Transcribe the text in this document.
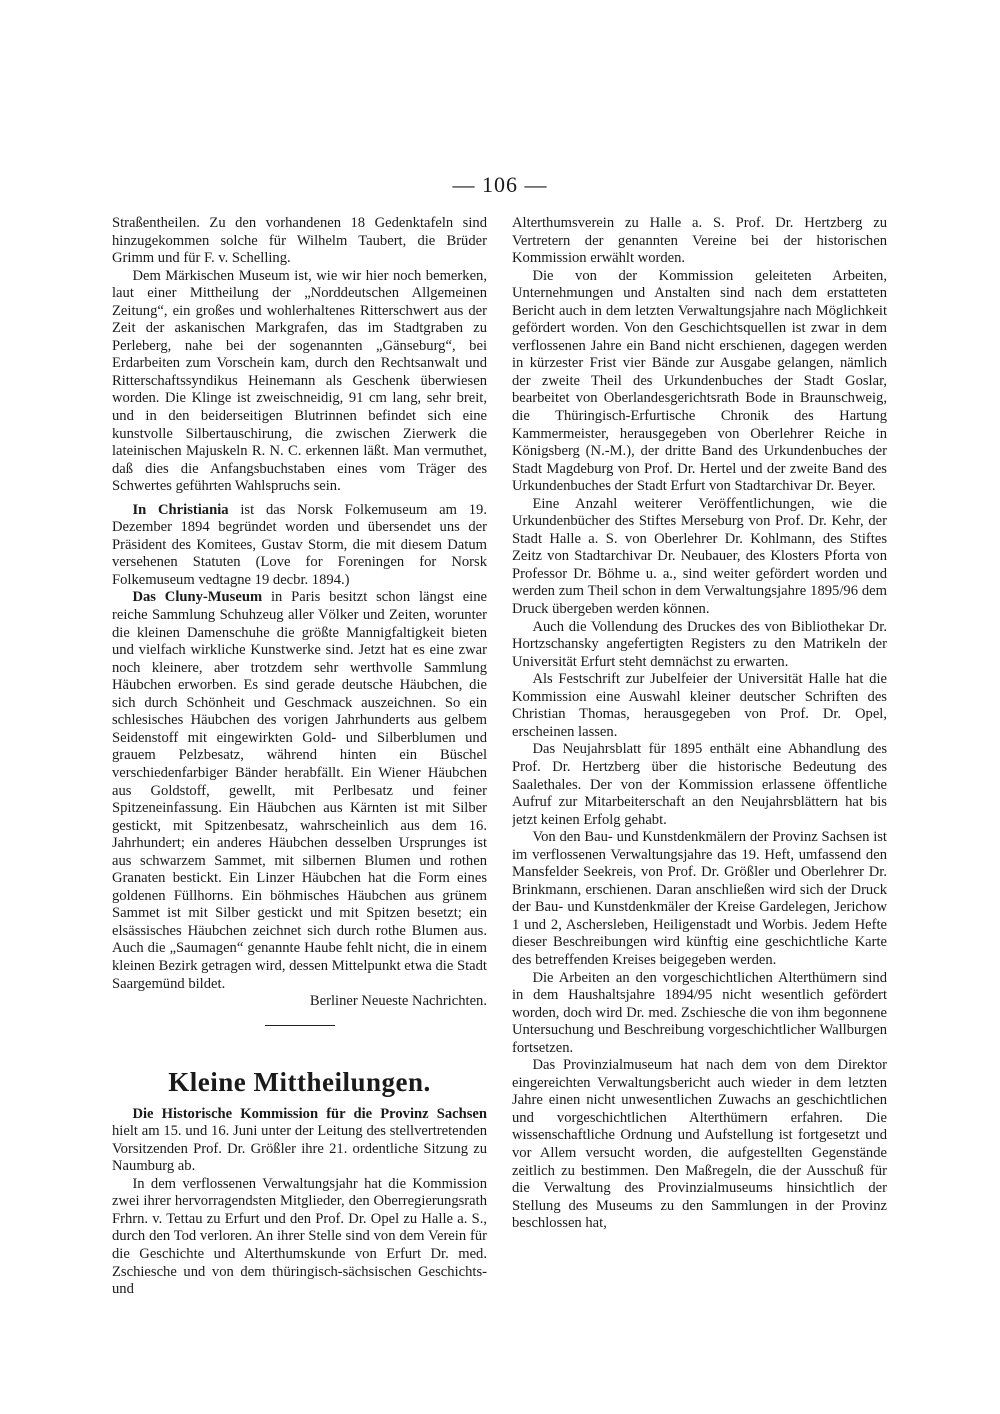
— 106 —

Straßentheilen. Zu den vorhandenen 18 Gedenktafeln sind hinzugekommen solche für Wilhelm Taubert, die Brüder Grimm und für F. v. Schelling.

Dem Märkischen Museum ist, wie wir hier noch bemerken, laut einer Mittheilung der „Norddeutschen Allgemeinen Zeitung“, ein großes und wohlerhaltenes Ritterschwert aus der Zeit der askanischen Markgrafen, das im Stadtgraben zu Perleberg, nahe bei der sogenannten „Gänseburg“, bei Erdarbeiten zum Vorschein kam, durch den Rechtsanwalt und Ritterschaftssyndikus Heinemann als Geschenk überwiesen worden. Die Klinge ist zweischneidig, 91 cm lang, sehr breit, und in den beiderseitigen Blutrinnen befindet sich eine kunstvolle Silbertauschirung, die zwischen Zierwerk die lateinischen Majuskeln R. N. C. erkennen läßt. Man vermuthet, daß dies die Anfangsbuchstaben eines vom Träger des Schwertes geführten Wahlspruchs sein.

In Christiania ist das Norsk Folkemuseum am 19. Dezember 1894 begründet worden und übersendet uns der Präsident des Komitees, Gustav Storm, die mit diesem Datum versehenen Statuten (Love for Foreningen for Norsk Folkemuseum vedtagne 19 decbr. 1894.)

Das Cluny-Museum in Paris besitzt schon längst eine reiche Sammlung Schuhzeug aller Völker und Zeiten, worunter die kleinen Damenschuhe die größte Mannigfaltigkeit bieten und vielfach wirkliche Kunstwerke sind. Jetzt hat es eine zwar noch kleinere, aber trotzdem sehr werthvolle Sammlung Häubchen erworben. Es sind gerade deutsche Häubchen, die sich durch Schönheit und Geschmack auszeichnen. So ein schlesisches Häubchen des vorigen Jahrhunderts aus gelbem Seidenstoff mit eingewirkten Gold- und Silberblumen und grauem Pelzbesatz, während hinten ein Büschel verschiedenfarbiger Bänder herabfällt. Ein Wiener Häubchen aus Goldstoff, gewellt, mit Perlbesatz und feiner Spitzeneinfassung. Ein Häubchen aus Kärnten ist mit Silber gestickt, mit Spitzenbesatz, wahrscheinlich aus dem 16. Jahrhundert; ein anderes Häubchen desselben Ursprunges ist aus schwarzem Sammet, mit silbernen Blumen und rothen Granaten bestickt. Ein Linzer Häubchen hat die Form eines goldenen Füllhorns. Ein böhmisches Häubchen aus grünem Sammet ist mit Silber gestickt und mit Spitzen besetzt; ein elsässisches Häubchen zeichnet sich durch rothe Blumen aus. Auch die „Saumagen“ genannte Haube fehlt nicht, die in einem kleinen Bezirk getragen wird, dessen Mittelpunkt etwa die Stadt Saargemünd bildet.
Berliner Neueste Nachrichten.

Kleine Mittheilungen.

Die Historische Kommission für die Provinz Sachsen hielt am 15. und 16. Juni unter der Leitung des stellvertretenden Vorsitzenden Prof. Dr. Größler ihre 21. ordentliche Sitzung zu Naumburg ab.

In dem verflossenen Verwaltungsjahr hat die Kommission zwei ihrer hervorragendsten Mitglieder, den Oberregierungsrath Frhrn. v. Tettau zu Erfurt und den Prof. Dr. Opel zu Halle a. S., durch den Tod verloren. An ihrer Stelle sind von dem Verein für die Geschichte und Alterthumskunde von Erfurt Dr. med. Zschiesche und von dem thüringisch-sächsischen Geschichts- und

Alterthumsverein zu Halle a. S. Prof. Dr. Hertzberg zu Vertretern der genannten Vereine bei der historischen Kommission erwählt worden.

Die von der Kommission geleiteten Arbeiten, Unternehmungen und Anstalten sind nach dem erstatteten Bericht auch in dem letzten Verwaltungsjahre nach Möglichkeit gefördert worden. Von den Geschichtsquellen ist zwar in dem verflossenen Jahre ein Band nicht erschienen, dagegen werden in kürzester Frist vier Bände zur Ausgabe gelangen, nämlich der zweite Theil des Urkundenbuches der Stadt Goslar, bearbeitet von Oberlandesgerichtsrath Bode in Braunschweig, die Thüringisch-Erfurtische Chronik des Hartung Kammermeister, herausgegeben von Oberlehrer Reiche in Königsberg (N.-M.), der dritte Band des Urkundenbuches der Stadt Magdeburg von Prof. Dr. Hertel und der zweite Band des Urkundenbuches der Stadt Erfurt von Stadtarchivar Dr. Beyer.

Eine Anzahl weiterer Veröffentlichungen, wie die Urkundenbücher des Stiftes Merseburg von Prof. Dr. Kehr, der Stadt Halle a. S. von Oberlehrer Dr. Kohlmann, des Stiftes Zeitz von Stadtarchivar Dr. Neubauer, des Klosters Pforta von Professor Dr. Böhme u. a., sind weiter gefördert worden und werden zum Theil schon in dem Verwaltungsjahre 1895/96 dem Druck übergeben werden können.

Auch die Vollendung des Druckes des von Bibliothekar Dr. Hortzschansky angefertigten Registers zu den Matrikeln der Universität Erfurt steht demnächst zu erwarten.

Als Festschrift zur Jubelfeier der Universität Halle hat die Kommission eine Auswahl kleiner deutscher Schriften des Christian Thomas, herausgegeben von Prof. Dr. Opel, erscheinen lassen.

Das Neujahrsblatt für 1895 enthält eine Abhandlung des Prof. Dr. Hertzberg über die historische Bedeutung des Saalethales. Der von der Kommission erlassene öffentliche Aufruf zur Mitarbeiterschaft an den Neujahrsblättern hat bis jetzt keinen Erfolg gehabt.

Von den Bau- und Kunstdenkmälern der Provinz Sachsen ist im verflossenen Verwaltungsjahre das 19. Heft, umfassend den Mansfelder Seekreis, von Prof. Dr. Größler und Oberlehrer Dr. Brinkmann, erschienen. Daran anschließen wird sich der Druck der Bau- und Kunstdenkmäler der Kreise Gardelegen, Jerichow 1 und 2, Aschersleben, Heiligenstadt und Worbis. Jedem Hefte dieser Beschreibungen wird künftig eine geschichtliche Karte des betreffenden Kreises beigegeben werden.

Die Arbeiten an den vorgeschichtlichen Alterthümern sind in dem Haushaltsjahre 1894/95 nicht wesentlich gefördert worden, doch wird Dr. med. Zschiesche die von ihm begonnene Untersuchung und Beschreibung vorgeschichtlicher Wallburgen fortsetzen.

Das Provinzialmuseum hat nach dem von dem Direktor eingereichten Verwaltungsbericht auch wieder in dem letzten Jahre einen nicht unwesentlichen Zuwachs an geschichtlichen und vorgeschichtlichen Alterthümern erfahren. Die wissenschaftliche Ordnung und Aufstellung ist fortgesetzt und vor Allem versucht worden, die aufgestellten Gegenstände zeitlich zu bestimmen. Den Maßregeln, die der Ausschuß für die Verwaltung des Provinzialmuseums hinsichtlich der Stellung des Museums zu den Sammlungen in der Provinz beschlossen hat,
